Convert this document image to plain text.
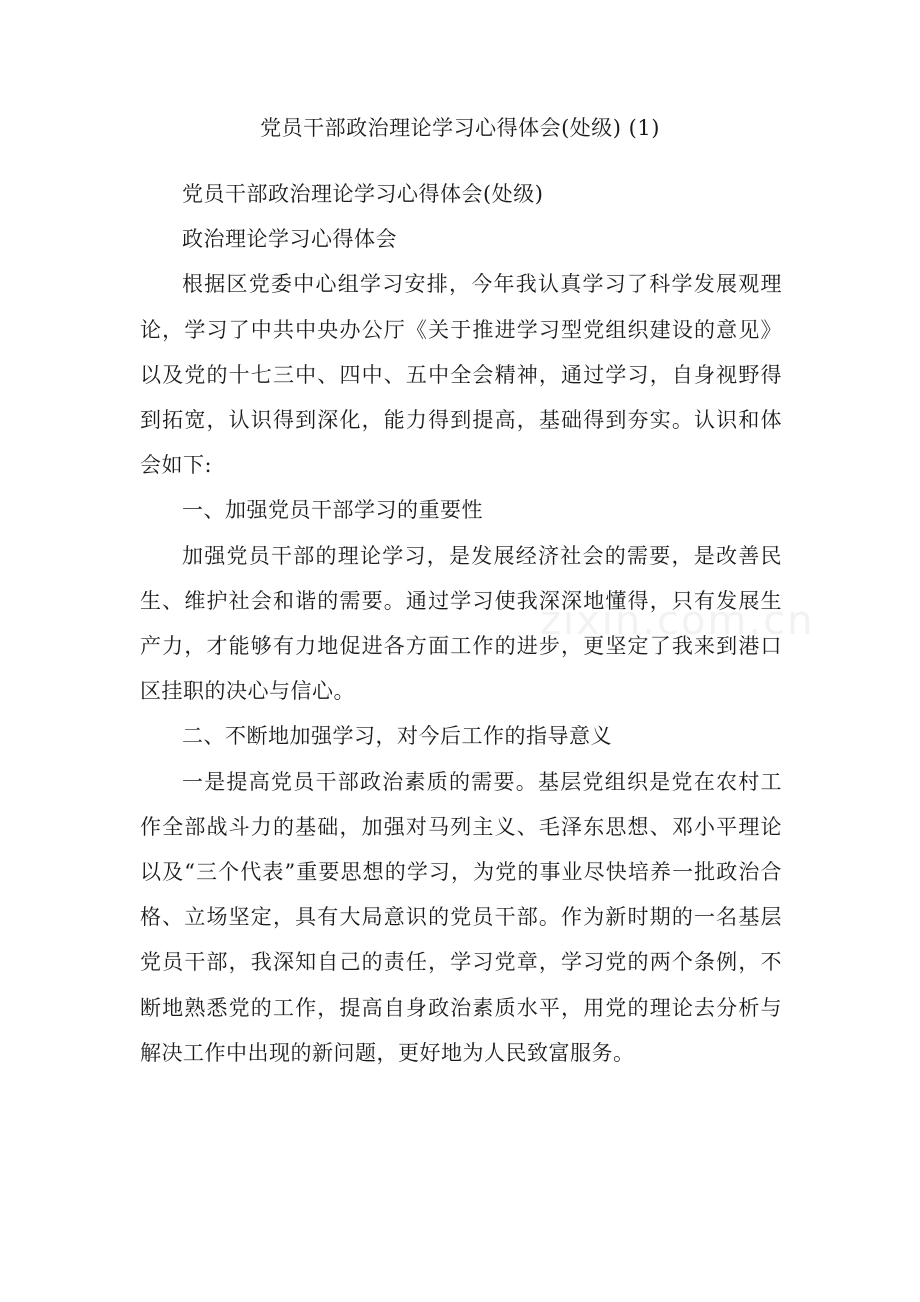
党员干部政治理论学习心得体会(处级) (1)

党员干部政治理论学习心得体会(处级)

政治理论学习心得体会

根据区党委中心组学习安排，今年我认真学习了科学发展观理论，学习了中共中央办公厅《关于推进学习型党组织建设的意见》以及党的十七三中、四中、五中全会精神，通过学习，自身视野得到拓宽，认识得到深化，能力得到提高，基础得到夯实。认识和体会如下:

一、加强党员干部学习的重要性

加强党员干部的理论学习，是发展经济社会的需要，是改善民生、维护社会和谐的需要。通过学习使我深深地懂得，只有发展生产力，才能够有力地促进各方面工作的进步，更坚定了我来到港口区挂职的决心与信心。

二、不断地加强学习，对今后工作的指导意义

一是提高党员干部政治素质的需要。基层党组织是党在农村工作全部战斗力的基础，加强对马列主义、毛泽东思想、邓小平理论以及“三个代表”重要思想的学习，为党的事业尽快培养一批政治合格、立场坚定，具有大局意识的党员干部。作为新时期的一名基层党员干部，我深知自己的责任，学习党章，学习党的两个条例，不断地熟悉党的工作，提高自身政治素质水平，用党的理论去分析与解决工作中出现的新问题，更好地为人民致富服务。

zixin.com.cn
